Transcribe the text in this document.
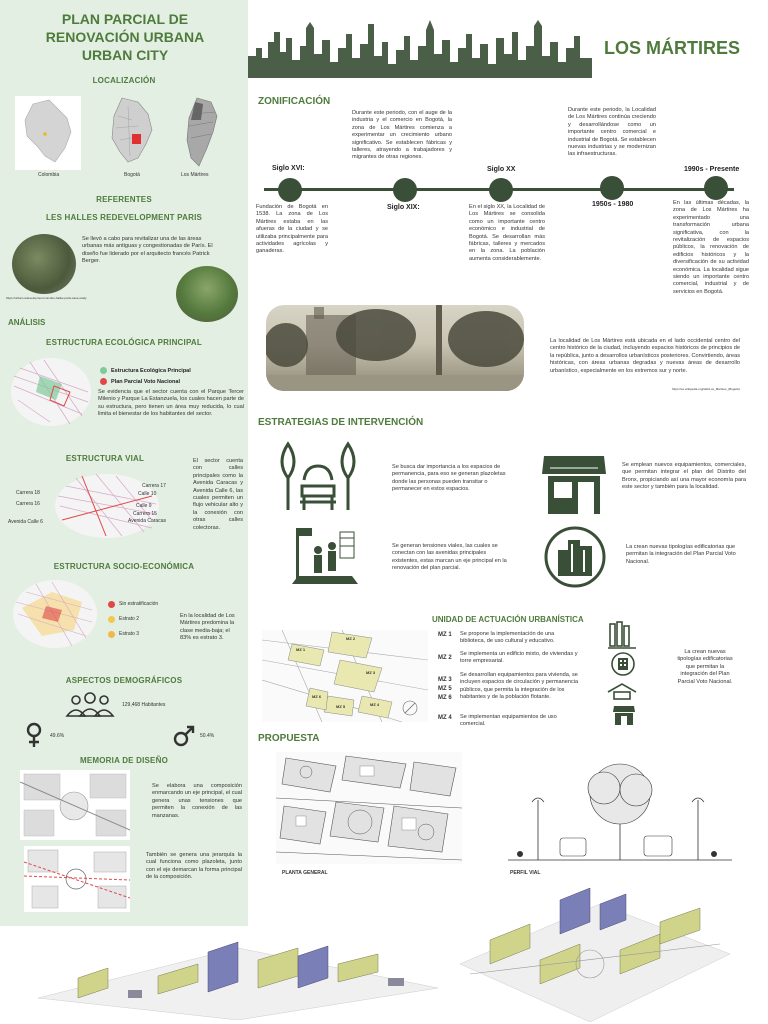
PLAN PARCIAL DE
RENOVACIÓN URBANA
URBAN CITY
LOCALIZACIÓN
Colombia	Bogotá	Los Mártires
REFERENTES
LES HALLES REDEVELOPMENT PARIS
Se llevó a cabo para revitalizar una de las áreas urbanas más antiguas y congestionadas de París. El diseño fue liderado por el arquitecto francés Patrick Berger.
https://urban-redevelopment.com/les-halles-paris-case-study
ANÁLISIS
ESTRUCTURA ECOLÓGICA PRINCIPAL
Estructura Ecológica Principal
Plan Parcial Voto Nacional
Se evidencia que el sector cuenta con el Parque Tercer Milenio y Parque La Estanzuela, los cuales hacen parte de su estructura, pero tienen un área muy reducida, lo cual limita el bienestar de los habitantes del sector.
ESTRUCTURA VIAL
Carrera 18
Carrera 16
Avenida Calle 6
Carrera 17
Calle 10
Calle 9
Carrera 15
Avenida Caracas
El sector cuenta con calles principales como la Avenida Caracas y Avenida Calle 6, las cuales permiten un flujo vehicular alto y la conexión con otras calles colectoras.
ESTRUCTURA SOCIO-ECONÓMICA
Sin estratificación
Estrato 2
Estrato 3
En la localidad de Los Mártires predomina la clase media-baja; el 83% es estrato 3.
ASPECTOS DEMOGRÁFICOS
129,468 Habitantes
49.6%	50.4%
MEMORIA DE DISEÑO
Se elabora una composición enmarcando un eje principal, el cual genera unas tensiones que permiten la conexión de las manzanas.
También se genera una jerarquía la cual funciona como plazoleta, junto con el eje demarcan la forma principal de la composición.
LOS MÁRTIRES
ZONIFICACIÓN
Durante este periodo, con el auge de la industria y el comercio en Bogotá, la zona de Los Mártires comienza a experimentar un crecimiento urbano significativo. Se establecen fábricas y talleres, atrayendo a trabajadores y migrantes de otras regiones.
Durante este periodo, la Localidad de Los Mártires continúa creciendo y desarrollándose como un importante centro comercial e industrial de Bogotá. Se establecen nuevas industrias y se modernizan las infraestructuras.
Siglo XVI:
Siglo XIX:
Siglo XX
1950s - 1980
1990s - Presente
Fundación de Bogotá en 1538. La zona de Los Mártires estaba en las afueras de la ciudad y se utilizaba principalmente para actividades agrícolas y ganaderas.
En el siglo XX, la Localidad de Los Mártires se consolida como un importante centro económico e industrial de Bogotá. Se desarrollan más fábricas, talleres y mercados en la zona. La población aumenta considerablemente.
En las últimas décadas, la zona de Los Mártires ha experimentado una transformación urbana significativa, con la revitalización de espacios públicos, la renovación de edificios históricos y la diversificación de su actividad económica. La localidad sigue siendo un importante centro comercial, industrial y de servicios en Bogotá.
La localidad de Los Mártires está ubicada en el lado occidental centro del centro histórico de la ciudad, incluyendo espacios históricos de principios de la república, junto a desarrollos urbanísticos posteriores. Convirtiendo, áreas históricas, con áreas urbanas degradas y nuevas áreas de desarrollo urbanístico, especialmente en los extremos sur y norte.
https://es.wikipedia.org/wiki/Los_Mártires_(Bogotá)
ESTRATEGIAS DE INTERVENCIÓN
Se busca dar importancia a los espacios de permanencia, para eso se generan plazoletas donde las personas pueden transitar o permanecer en estos espacios.
Se emplean nuevos equipamientos, comerciales, que permitan integrar el plan del Distrito del Bronx, propiciando así una mayor economía para este sector y también para la localidad.
Se generan tensiones viales, las cuales se conectan con las avenidas principales existentes, estas marcan un eje principal en la renovación del plan parcial.
La crean nuevas tipologías edificatorias que permitan la integración del Plan Parcial Voto Nacional.
UNIDAD DE ACTUACIÓN URBANÍSTICA
MZ 1
MZ 2
MZ 3
MZ 4
MZ 5
MZ 6
MZ 1 Se propone la implementación de una biblioteca, de uso cultural y educativo.
MZ 2
Se implementa un edificio mixto, de viviendas y torre empresarial.
MZ 3
MZ 5
MZ 6
Se desarrollan equipamientos para vivienda, se incluyen espacios de circulación y permanencia públicos, que permita la integración de los habitantes y de la población flotante.
MZ 4 Se implementan equipamientos de uso comercial.
La crean nuevas tipologías edificatorias que permitan la integración del Plan Parcial Voto Nacional.
PROPUESTA
PLANTA GENERAL	PERFIL VIAL
